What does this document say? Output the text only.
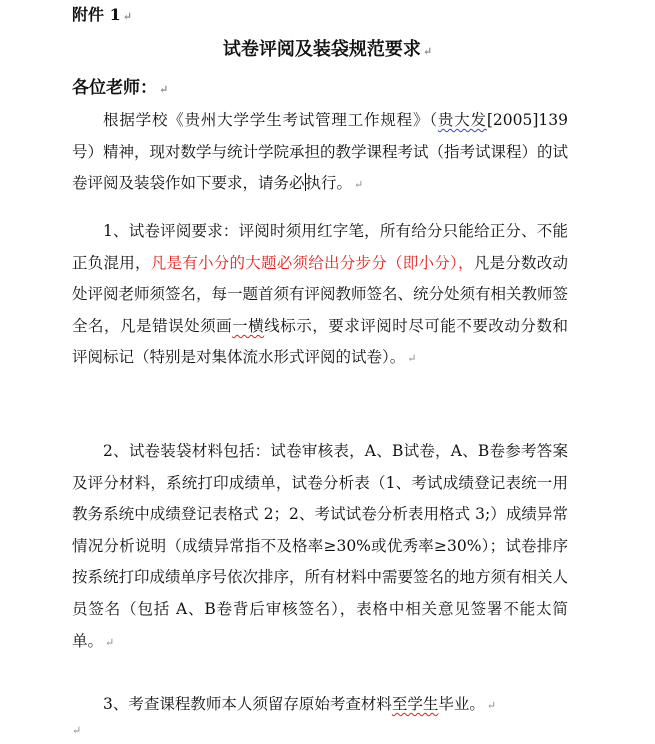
附件 1 ↵
试卷评阅及装袋规范要求 ↵
各位老师： ↵

根据学校《贵州大学学生考试管理工作规程》（贵大发[2005]139号）精神，现对数学与统计学院承担的教学课程考试（指考试课程）的试卷评阅及装袋作如下要求，请务必执行。 ↵

1、试卷评阅要求：评阅时须用红字笔，所有给分只能给正分、不能正负混用，凡是有小分的大题必须给出分步分（即小分），凡是分数改动处评阅老师须签名，每一题首须有评阅教师签名、统分处须有相关教师签全名，凡是错误处须画一横线标示，要求评阅时尽可能不要改动分数和评阅标记（特别是对集体流水形式评阅的试卷）。 ↵

2、试卷装袋材料包括：试卷审核表，A、B试卷，A、B卷参考答案及评分材料，系统打印成绩单，试卷分析表（1、考试成绩登记表统一用教务系统中成绩登记表格式 2；2、考试试卷分析表用格式 3;）成绩异常情况分析说明（成绩异常指不及格率≥30%或优秀率≥30%）；试卷排序按系统打印成绩单序号依次排序，所有材料中需要签名的地方须有相关人员签名（包括 A、B卷背后审核签名），表格中相关意见签署不能太简单。 ↵

3、考查课程教师本人须留存原始考查材料至学生毕业。 ↵

↵
